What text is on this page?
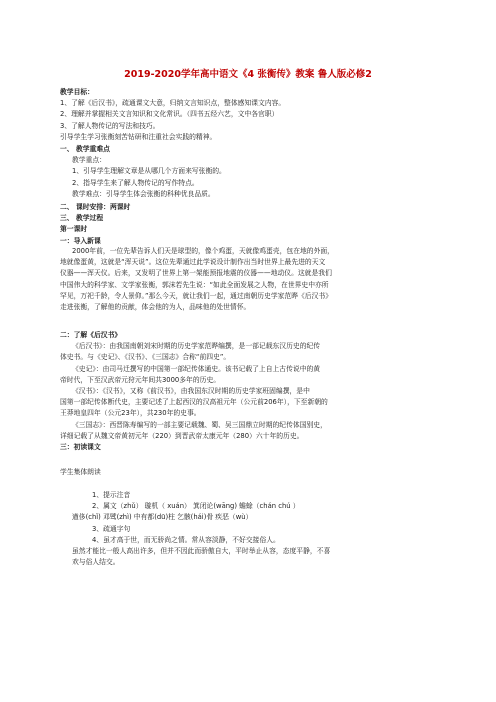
2019-2020学年高中语文《4 张衡传》教案 鲁人版必修2

教学目标：

1、了解《后汉书》，疏通课文大意，归纳文言知识点，整体感知课文内容。

2、理解并掌握相关文言知识和文化常识。（四书五经六艺，文中各官职）

3、了解人物传记的写法和技巧。

引导学生学习张衡刻苦钻研和注重社会实践的精神。

一、 教学重难点

教学重点：

1、引导学生理解文章是从哪几个方面来写张衡的。

2、指导学生来了解人物传记的写作特点。

教学难点：引导学生体会张衡的科种优良品质。

二、 课时安排：两课时

三、 教学过程

第一课时

一：导入新课

2000年前，一位先辈告诉人们天是球型的，像个鸡蛋，天就像鸡蛋壳，包在地的外面，

地就像蛋黄，这就是“浑天说”。这位先辈通过此学说设计制作出当时世界上最先进的天文

仪器——浑天仪。后来，又发明了世界上第一架能预报地震的仪器——地动仪。这就是我们

中国伟大的科学家、文学家张衡，郭沫若先生说：“如此全面发展之人物，在世界史中亦所

罕见，万祀千龄，令人景仰。”那么今天，就让我们一起，通过南朝历史学家范晔《后汉书》

走进张衡，了解他的贡献，体会他的为人，品味他的处世情怀。

二：了解《后汉书》

《后汉书》：由我国南朝刘宋时期的历史学家范晔编撰，是一部记载东汉历史的纪传

体史书。与《史记》、《汉书》、《三国志》合称“前四史”。

《史记》：由司马迁撰写的中国第一部纪传体通史。该书记载了上自上古传说中的黄

帝时代，下至汉武帝元狩元年间共3000多年的历史。

《汉书》：《汉书》，又称《前汉书》，由我国东汉时期的历史学家班固编撰，是中

国第一部纪传体断代史，主要记述了上起西汉的汉高祖元年（公元前206年），下至新朝的

王莽地皇四年（公元23年），共230年的史事。

《三国志》：西晋陈寿编写的一部主要记载魏、蜀、吴三国鼎立时期的纪传体国别史，

详细记载了从魏文帝黄初元年（220）到晋武帝太康元年（280）六十年的历史。

三：初读课文

学生集体朗读

1、提示注音

2、属文（zhǔ） 璇机（ xuán） 箕闭论(wāng) 蟾蜍（chán chú ）

遒侈(chǐ) 邓骘(zhì) 中有都(dū)柱 乞骸(hái)骨 疾恶（wù）

3、疏通字句

4、虽才高于世，而无骄尚之情。常从容淡静，不好交接俗人。

虽然才能比一般人高出许多，但并不因此而骄傲自大，平时举止从容，态度平静，不喜

欢与俗人结交。
